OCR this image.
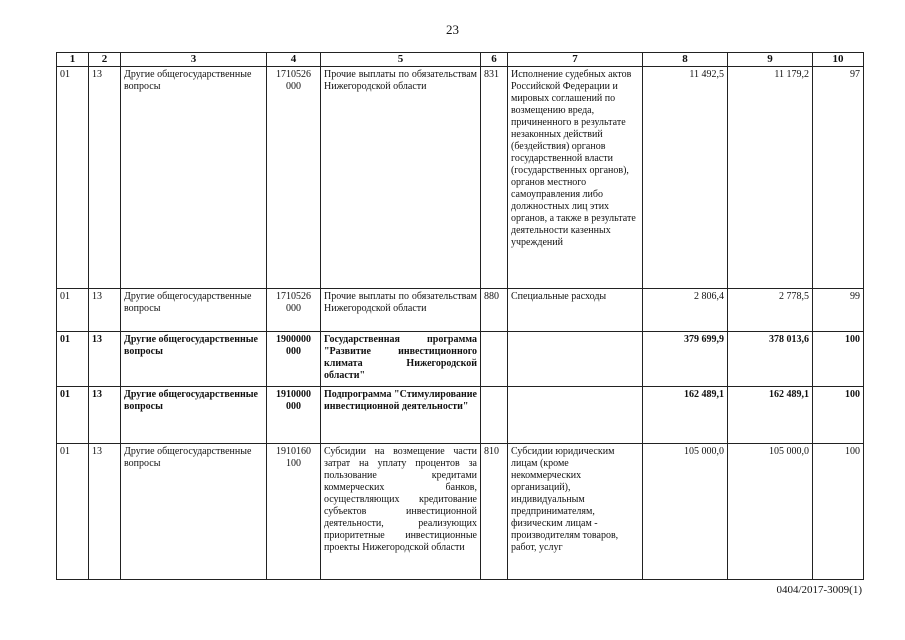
23
1	2	3	4	5	6	7	8	9	10
01	13	Другие общегосударственные вопросы	1710526 000	Прочие выплаты по обязательствам Нижегородской области	831	Исполнение судебных актов Российской Федерации и мировых соглашений по возмещению вреда, причиненного в результате незаконных действий (бездействия) органов государственной власти (государственных органов), органов местного самоуправления либо должностных лиц этих органов, а также в результате деятельности казенных учреждений	11 492,5	11 179,2	97
01	13	Другие общегосударственные вопросы	1710526 000	Прочие выплаты по обязательствам Нижегородской области	880	Специальные расходы	2 806,4	2 778,5	99
01	13	Другие общегосударственные вопросы	1900000 000	Государственная программа "Развитие инвестиционного климата Нижегородской области"			379 699,9	378 013,6	100
01	13	Другие общегосударственные вопросы	1910000 000	Подпрограмма "Стимулирование инвестиционной деятельности"			162 489,1	162 489,1	100
01	13	Другие общегосударственные вопросы	1910160 100	Субсидии на возмещение части затрат на уплату процентов за пользование кредитами коммерческих банков, осуществляющих кредитование субъектов инвестиционной деятельности, реализующих приоритетные инвестиционные проекты Нижегородской области	810	Субсидии юридическим лицам (кроме некоммерческих организаций), индивидуальным предпринимателям, физическим лицам - производителям товаров, работ, услуг	105 000,0	105 000,0	100
0404/2017-3009(1)
